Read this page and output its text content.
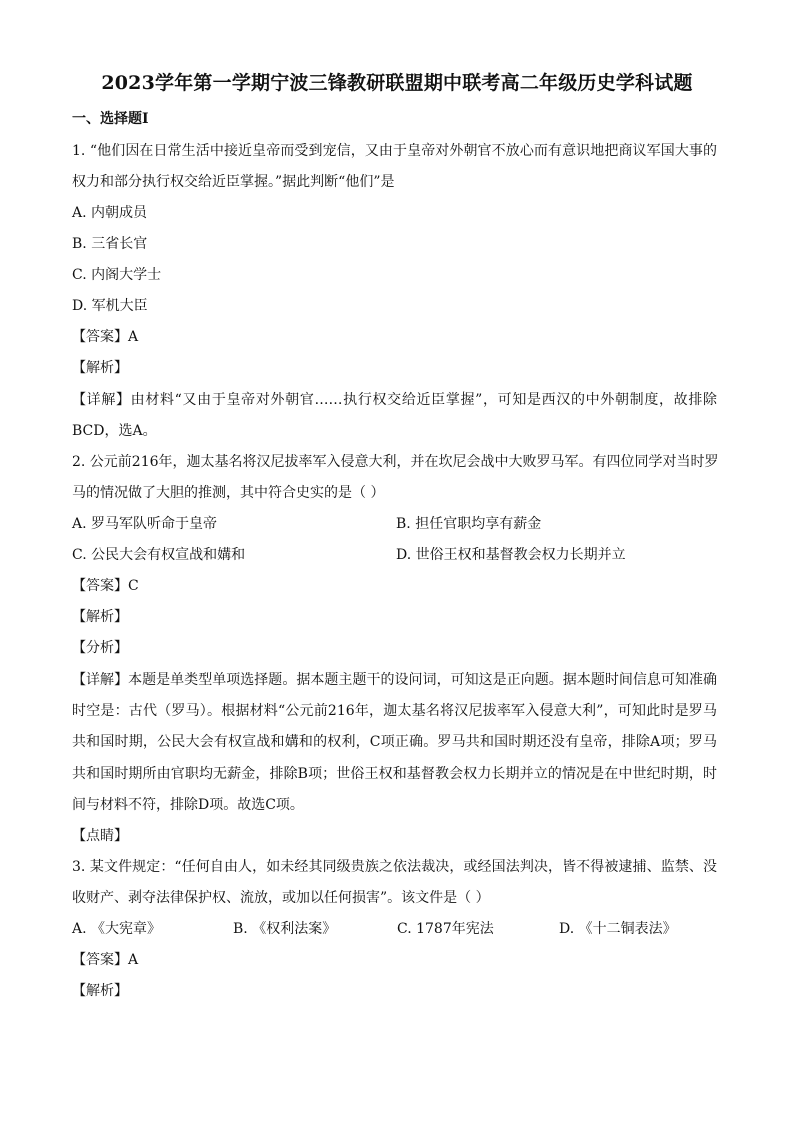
2023学年第一学期宁波三锋教研联盟期中联考高二年级历史学科试题
一、选择题Ⅰ
1. “他们因在日常生活中接近皇帝而受到宠信，又由于皇帝对外朝官不放心而有意识地把商议军国大事的
权力和部分执行权交给近臣掌握。”据此判断“他们”是
A. 内朝成员
B. 三省长官
C. 内阁大学士
D. 军机大臣
【答案】A
【解析】
【详解】由材料“又由于皇帝对外朝官……执行权交给近臣掌握”，可知是西汉的中外朝制度，故排除
BCD，选A。
2. 公元前216年，迦太基名将汉尼拔率军入侵意大利，并在坎尼会战中大败罗马军。有四位同学对当时罗
马的情况做了大胆的推测，其中符合史实的是（ ）
A. 罗马军队听命于皇帝	B. 担任官职均享有薪金
C. 公民大会有权宣战和媾和	D. 世俗王权和基督教会权力长期并立
【答案】C
【解析】
【分析】
【详解】本题是单类型单项选择题。据本题主题干的设问词，可知这是正向题。据本题时间信息可知准确
时空是：古代（罗马）。根据材料“公元前216年，迦太基名将汉尼拔率军入侵意大利”，可知此时是罗马
共和国时期，公民大会有权宣战和媾和的权利，C项正确。罗马共和国时期还没有皇帝，排除A项；罗马
共和国时期所由官职均无薪金，排除B项；世俗王权和基督教会权力长期并立的情况是在中世纪时期，时
间与材料不符，排除D项。故选C项。
【点睛】
3. 某文件规定：“任何自由人，如未经其同级贵族之依法裁决，或经国法判决，皆不得被逮捕、监禁、没
收财产、剥夺法律保护权、流放，或加以任何损害”。该文件是（ ）
A. 《大宪章》	B. 《权利法案》	C. 1787年宪法	D. 《十二铜表法》
【答案】A
【解析】
